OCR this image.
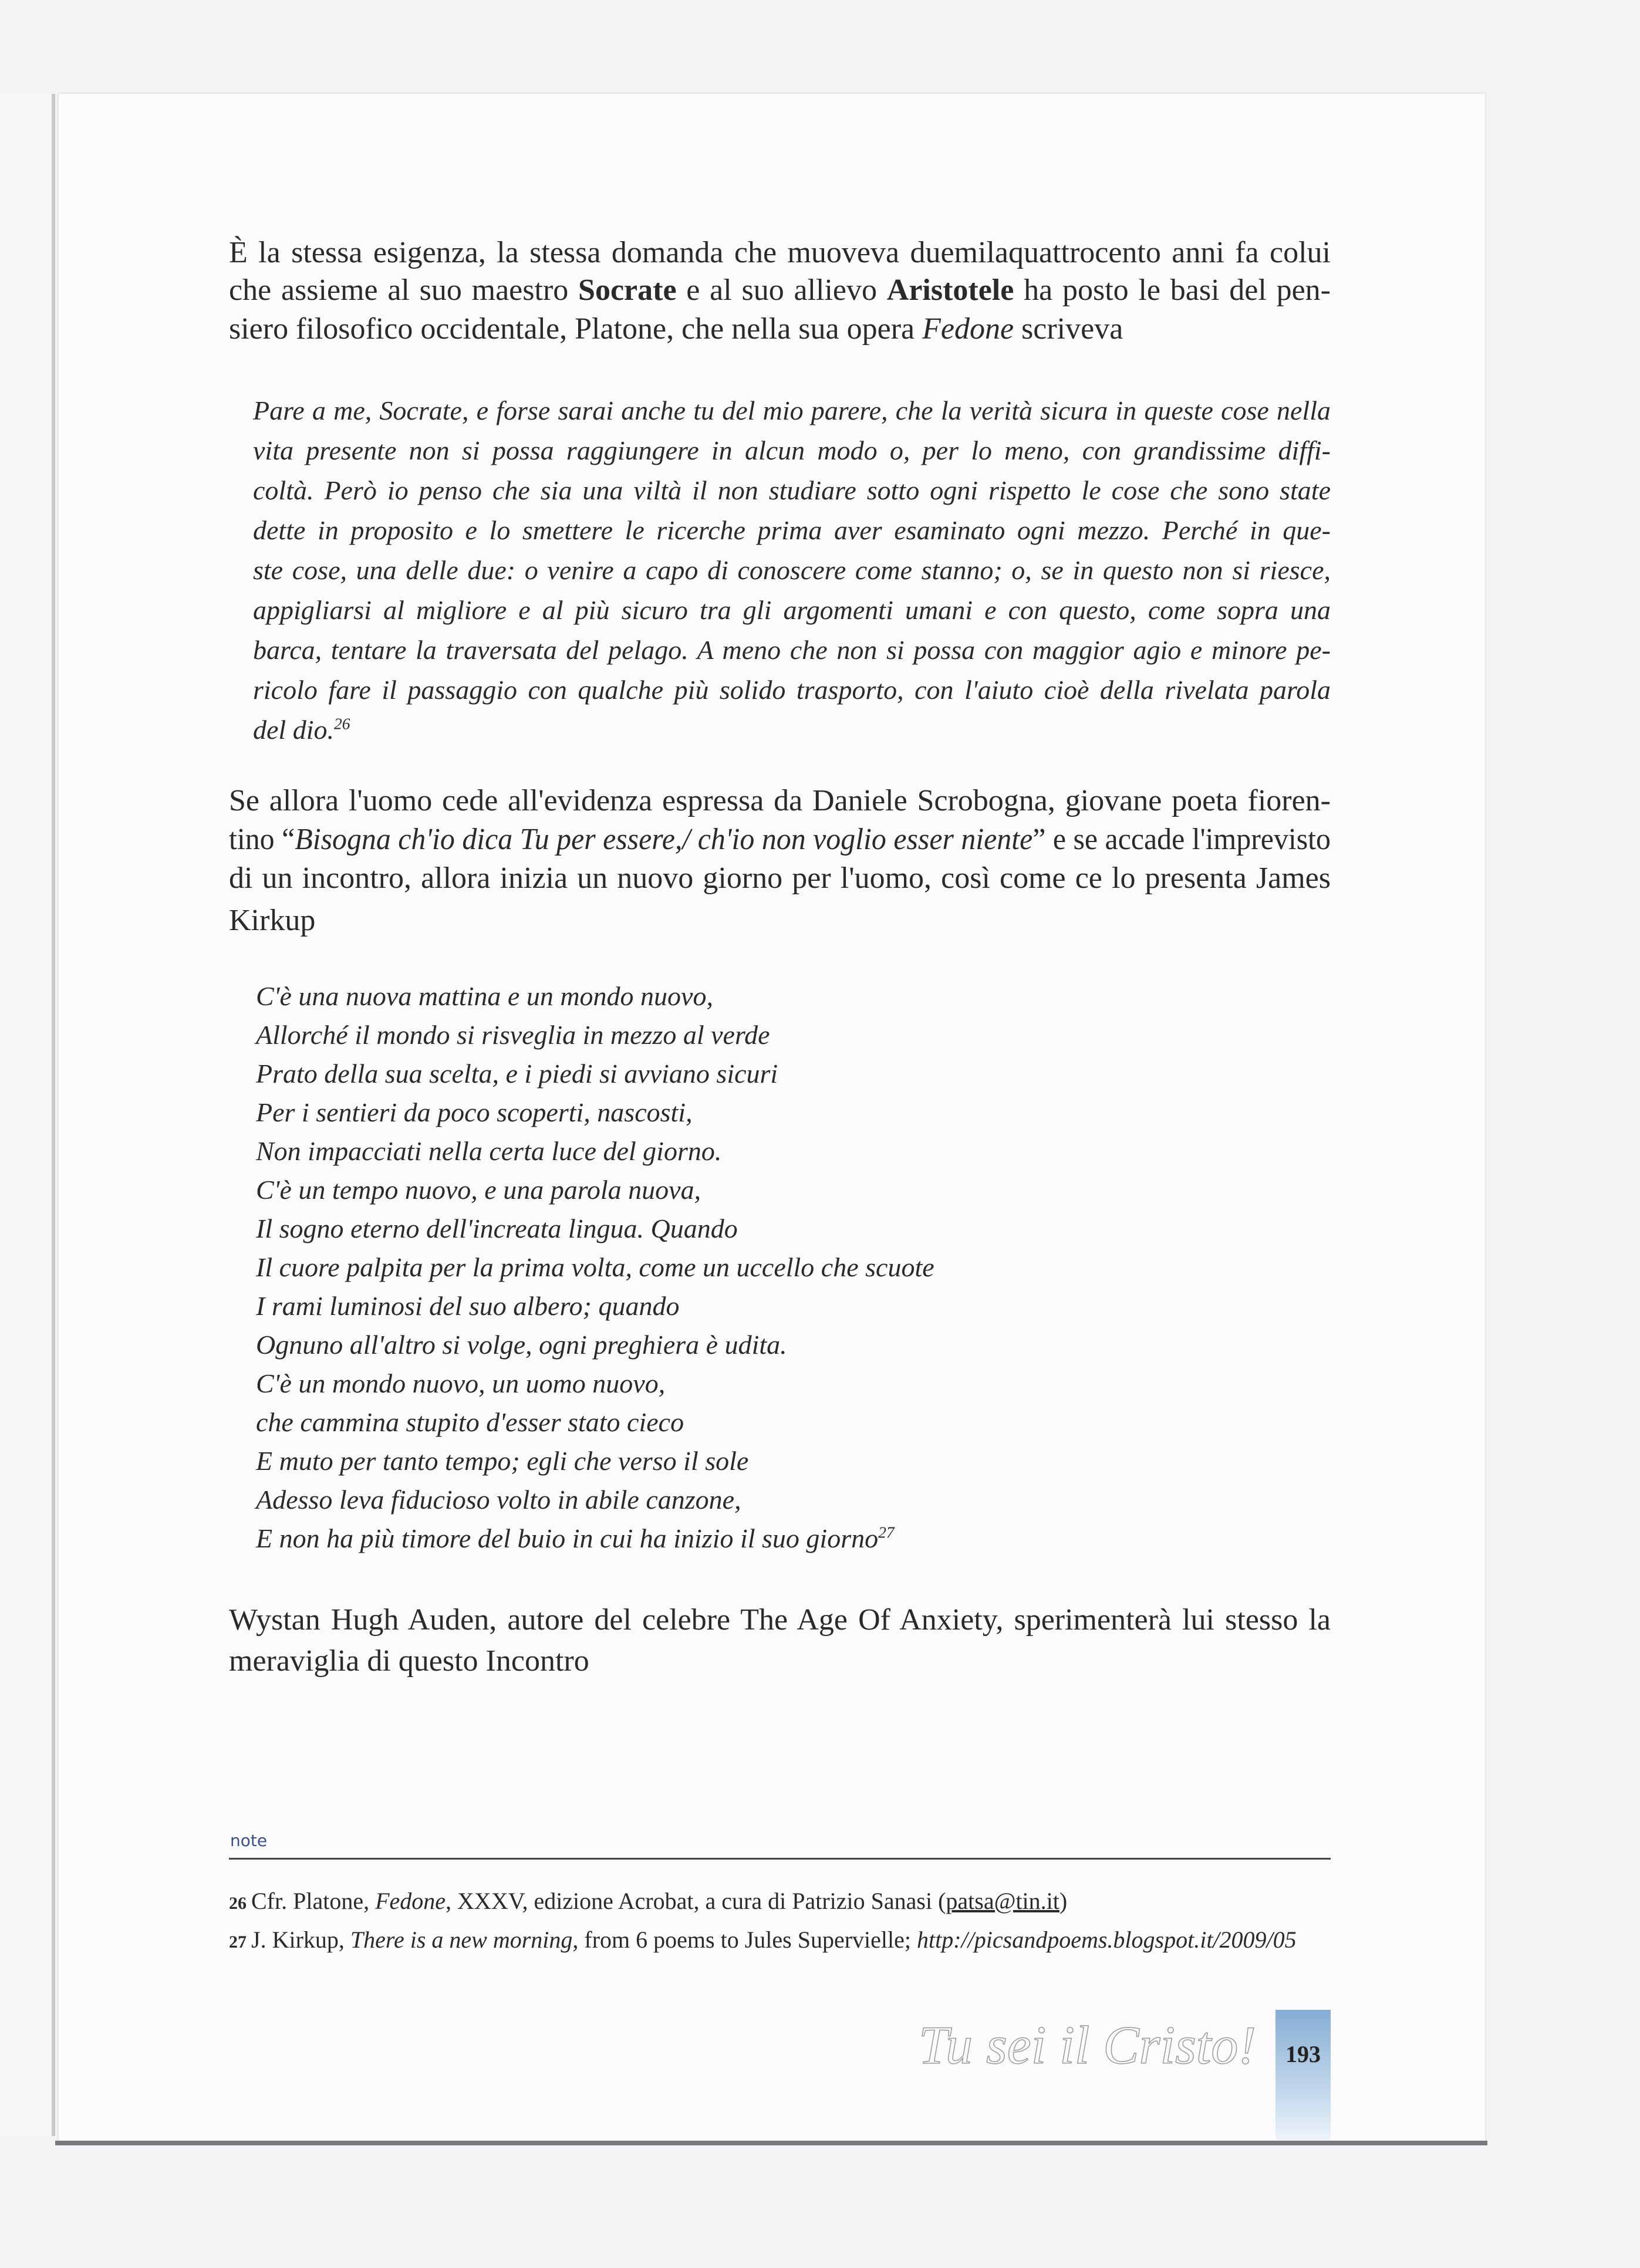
È la stessa esigenza, la stessa domanda che muoveva duemilaquattrocento anni fa colui
che assieme al suo maestro Socrate e al suo allievo Aristotele ha posto le basi del pen-
siero filosofico occidentale, Platone, che nella sua opera Fedone scriveva
Pare a me, Socrate, e forse sarai anche tu del mio parere, che la verità sicura in queste cose nella
vita presente non si possa raggiungere in alcun modo o, per lo meno, con grandissime diffi-
coltà. Però io penso che sia una viltà il non studiare sotto ogni rispetto le cose che sono state
dette in proposito e lo smettere le ricerche prima aver esaminato ogni mezzo. Perché in que-
ste cose, una delle due: o venire a capo di conoscere come stanno; o, se in questo non si riesce,
appigliarsi al migliore e al più sicuro tra gli argomenti umani e con questo, come sopra una
barca, tentare la traversata del pelago. A meno che non si possa con maggior agio e minore pe-
ricolo fare il passaggio con qualche più solido trasporto, con l'aiuto cioè della rivelata parola
del dio.$^{26}$
Se allora l'uomo cede all'evidenza espressa da Daniele Scrobogna, giovane poeta fioren-
tino “Bisogna ch'io dica Tu per essere,/ ch'io non voglio esser niente” e se accade l'imprevisto
di un incontro, allora inizia un nuovo giorno per l'uomo, così come ce lo presenta James
Kirkup
C'è una nuova mattina e un mondo nuovo,
Allorché il mondo si risveglia in mezzo al verde
Prato della sua scelta, e i piedi si avviano sicuri
Per i sentieri da poco scoperti, nascosti,
Non impacciati nella certa luce del giorno.
C'è un tempo nuovo, e una parola nuova,
Il sogno eterno dell'increata lingua. Quando
Il cuore palpita per la prima volta, come un uccello che scuote
I rami luminosi del suo albero; quando
Ognuno all'altro si volge, ogni preghiera è udita.
C'è un mondo nuovo, un uomo nuovo,
che cammina stupito d'esser stato cieco
E muto per tanto tempo; egli che verso il sole
Adesso leva fiducioso volto in abile canzone,
E non ha più timore del buio in cui ha inizio il suo giorno$^{27}$
Wystan Hugh Auden, autore del celebre The Age Of Anxiety, sperimenterà lui stesso la
meraviglia di questo Incontro
note
26 Cfr. Platone, Fedone, XXXV, edizione Acrobat, a cura di Patrizio Sanasi (patsa@tin.it)
27 J. Kirkup, There is a new morning, from 6 poems to Jules Supervielle; http://picsandpoems.blogspot.it/2009/05
Tu sei il Cristo!	193
